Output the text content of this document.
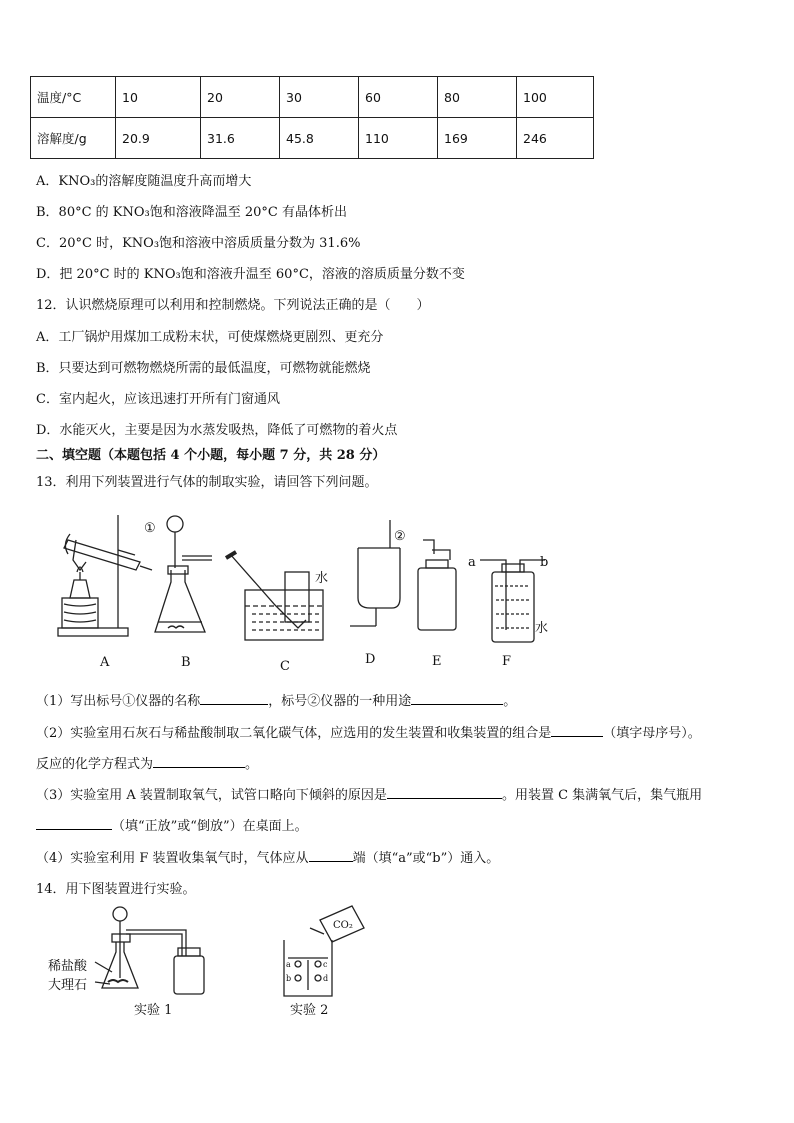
温度/°C	10	20	30	60	80	100
溶解度/g	20.9	31.6	45.8	110	169	246
A．KNO₃的溶解度随温度升高而增大
B．80°C 的 KNO₃饱和溶液降温至 20°C 有晶体析出
C．20°C 时，KNO₃饱和溶液中溶质质量分数为 31.6%
D．把 20°C 时的 KNO₃饱和溶液升温至 60°C，溶液的溶质质量分数不变
12．认识燃烧原理可以利用和控制燃烧。下列说法正确的是（　　）
A．工厂锅炉用煤加工成粉末状，可使煤燃烧更剧烈、更充分
B．只要达到可燃物燃烧所需的最低温度，可燃物就能燃烧
C．室内起火，应该迅速打开所有门窗通风
D．水能灭火，主要是因为水蒸发吸热，降低了可燃物的着火点
二、填空题（本题包括 4 个小题，每小题 7 分，共 28 分）
13．利用下列装置进行气体的制取实验，请回答下列问题。
A	B	C	D	E	F
①
②
水
水
a	b
（1）写出标号①仪器的名称	，标号②仪器的一种用途	。
（2）实验室用石灰石与稀盐酸制取二氧化碳气体，应选用的发生装置和收集装置的组合是	（填字母序号）。
反应的化学方程式为	。
（3）实验室用 A 装置制取氧气，试管口略向下倾斜的原因是	。用装置 C 集满氧气后，集气瓶用
（填“正放”或“倒放”）在桌面上。
（4）实验室利用 F 装置收集氧气时，气体应从	端（填“a”或“b”）通入。
14．用下图装置进行实验。
稀盐酸
大理石
实验 1	实验 2
CO₂
a
b
c
d
